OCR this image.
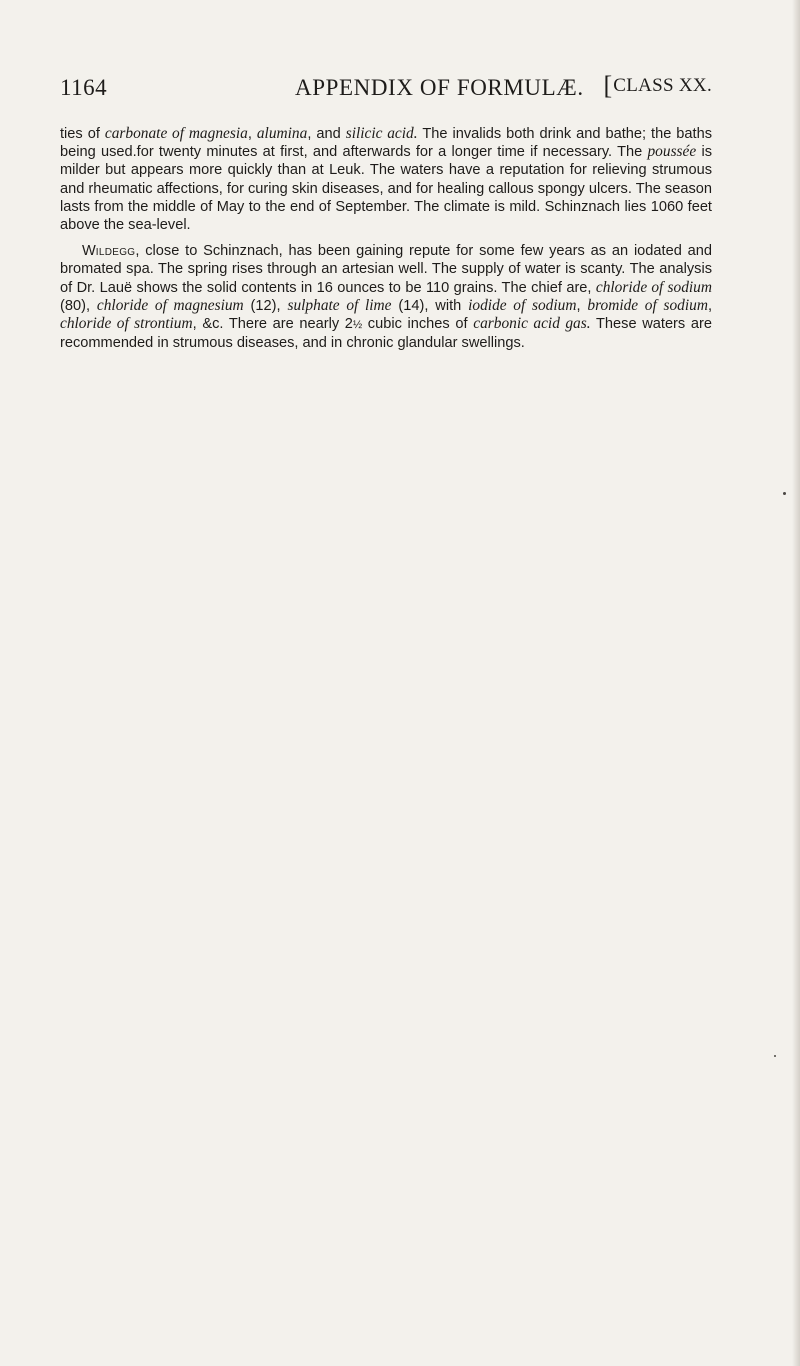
1164	APPENDIX OF FORMULÆ. [CLASS XX.

ties of carbonate of magnesia, alumina, and silicic acid. The invalids both drink and bathe; the baths being used.for twenty minutes at first, and afterwards for a longer time if necessary. The poussée is milder but appears more quickly than at Leuk. The waters have a reputation for relieving strumous and rheumatic affections, for curing skin diseases, and for healing callous spongy ulcers. The season lasts from the middle of May to the end of September. The climate is mild. Schinznach lies 1060 feet above the sea-level.

Wildegg, close to Schinznach, has been gaining repute for some few years as an iodated and bromated spa. The spring rises through an artesian well. The supply of water is scanty. The analysis of Dr. Lauë shows the solid contents in 16 ounces to be 110 grains. The chief are, chloride of sodium (80), chloride of magnesium (12), sulphate of lime (14), with iodide of sodium, bromide of sodium, chloride of strontium, &c. There are nearly 2½ cubic inches of carbonic acid gas. These waters are recommended in strumous diseases, and in chronic glandular swellings.
